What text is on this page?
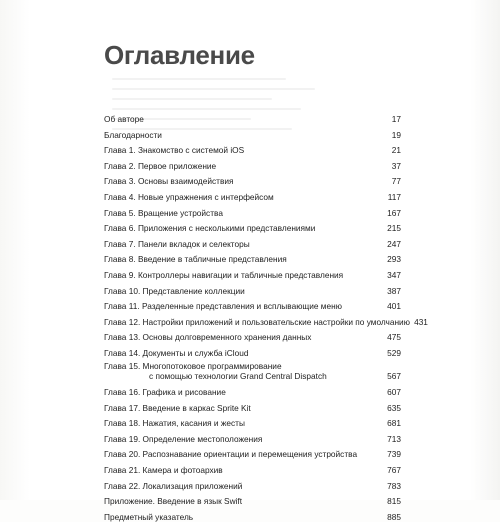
Оглавление
Об авторе	17
Благодарности	19
Глава 1. Знакомство с системой iOS	21
Глава 2. Первое приложение	37
Глава 3. Основы взаимодействия	77
Глава 4. Новые упражнения с интерфейсом	117
Глава 5. Вращение устройства	167
Глава 6. Приложения с несколькими представлениями	215
Глава 7. Панели вкладок и селекторы	247
Глава 8. Введение в табличные представления	293
Глава 9. Контроллеры навигации и табличные представления	347
Глава 10. Представление коллекции	387
Глава 11. Разделенные представления и всплывающие меню	401
Глава 12. Настройки приложений и пользовательские настройки по умолчанию 431
Глава 13. Основы долговременного хранения данных	475
Глава 14. Документы и служба iCloud	529
Глава 15. Многопотоковое программирование
с помощью технологии Grand Central Dispatch	567
Глава 16. Графика и рисование	607
Глава 17. Введение в каркас Sprite Kit	635
Глава 18. Нажатия, касания и жесты	681
Глава 19. Определение местоположения	713
Глава 20. Распознавание ориентации и перемещения устройства	739
Глава 21. Камера и фотоархив	767
Глава 22. Локализация приложений	783
Приложение. Введение в язык Swift	815
Предметный указатель	885
